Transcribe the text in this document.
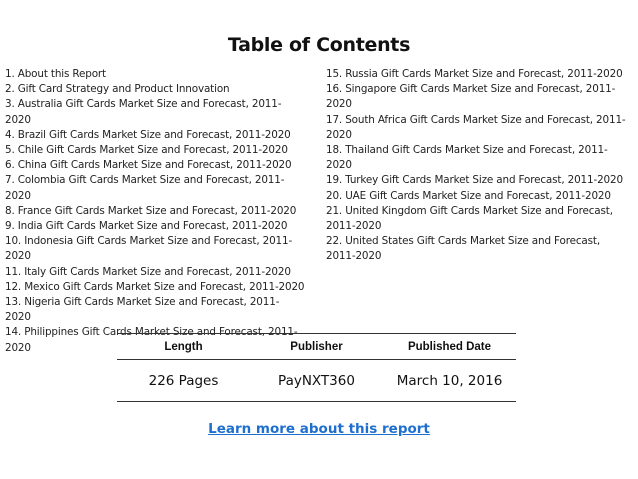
Table of Contents
1. About this Report
2. Gift Card Strategy and Product Innovation
3. Australia Gift Cards Market Size and Forecast, 2011-2020
4. Brazil Gift Cards Market Size and Forecast, 2011-2020
5. Chile Gift Cards Market Size and Forecast, 2011-2020
6. China Gift Cards Market Size and Forecast, 2011-2020
7. Colombia Gift Cards Market Size and Forecast, 2011-2020
8. France Gift Cards Market Size and Forecast, 2011-2020
9. India Gift Cards Market Size and Forecast, 2011-2020
10. Indonesia Gift Cards Market Size and Forecast, 2011-2020
11. Italy Gift Cards Market Size and Forecast, 2011-2020
12. Mexico Gift Cards Market Size and Forecast, 2011-2020
13. Nigeria Gift Cards Market Size and Forecast, 2011-2020
14. Philippines Gift Cards Market Size and Forecast, 2011-2020
15. Russia Gift Cards Market Size and Forecast, 2011-2020
16. Singapore Gift Cards Market Size and Forecast, 2011-2020
17. South Africa Gift Cards Market Size and Forecast, 2011-2020
18. Thailand Gift Cards Market Size and Forecast, 2011-2020
19. Turkey Gift Cards Market Size and Forecast, 2011-2020
20. UAE Gift Cards Market Size and Forecast, 2011-2020
21. United Kingdom Gift Cards Market Size and Forecast, 2011-2020
22. United States Gift Cards Market Size and Forecast, 2011-2020
Length	Publisher	Published Date
226 Pages	PayNXT360	March 10, 2016
Learn more about this report
